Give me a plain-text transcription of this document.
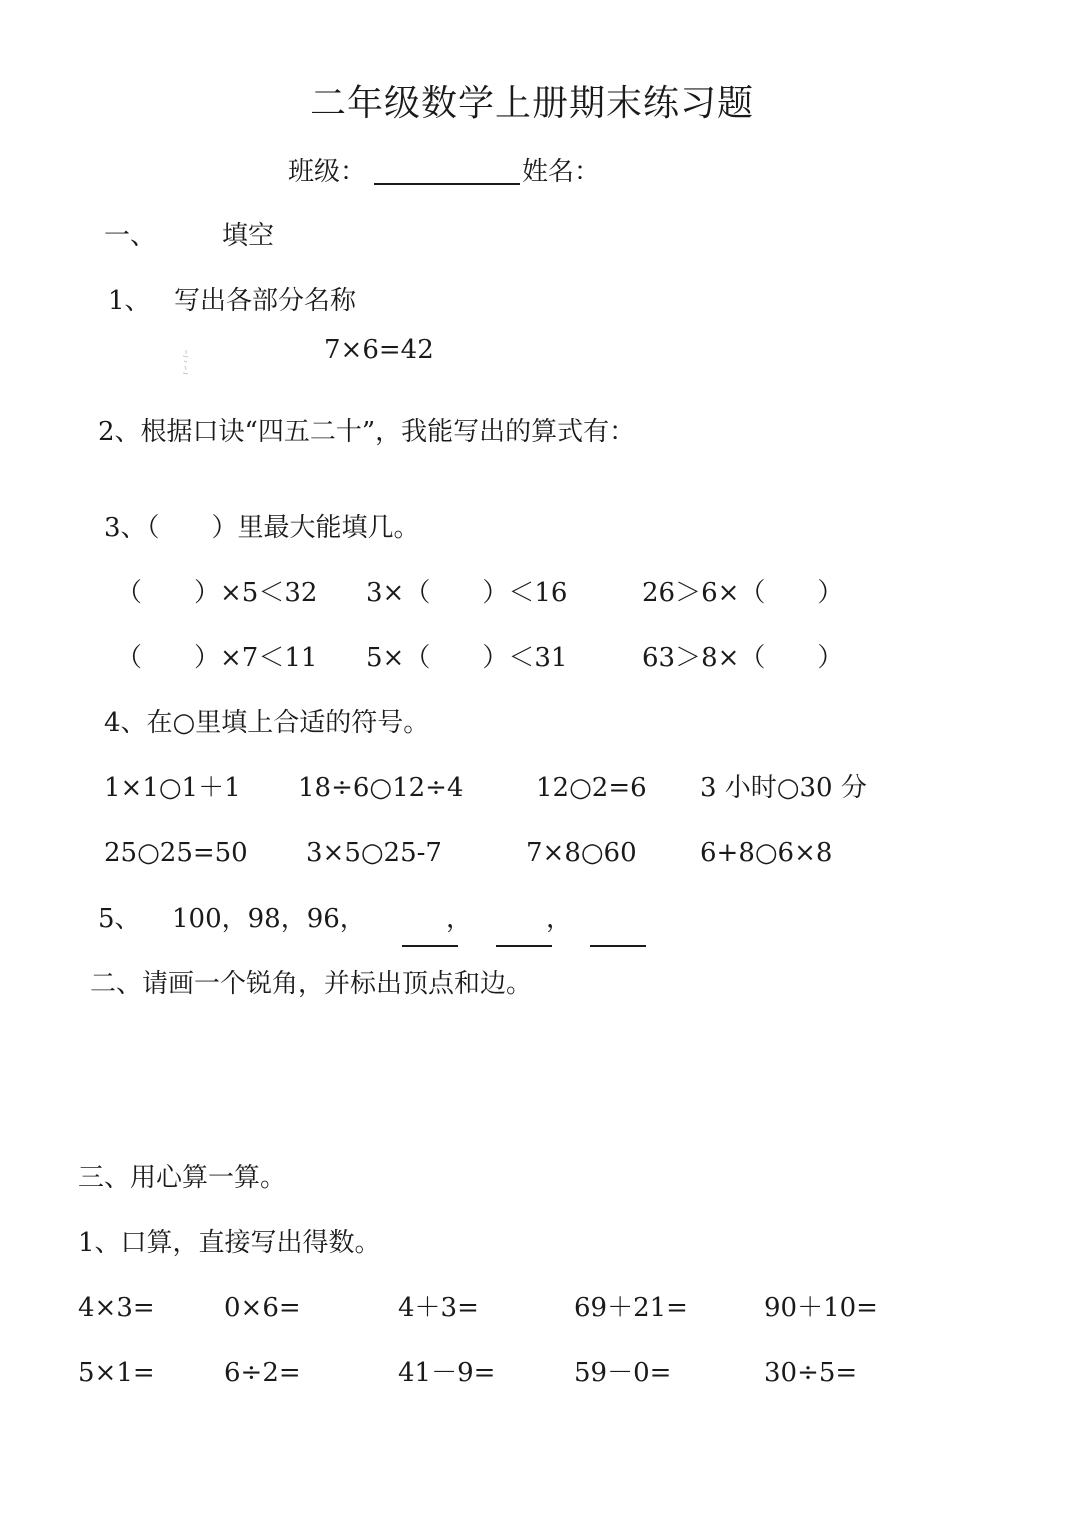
二年级数学上册期末练习题
班级：	姓名：
一、	填空
1、 写出各部分名称
7×6=42
2、根据口诀“四五二十”，我能写出的算式有：
3、（　　）里最大能填几。
（　　）×5＜32 3×（　　）＜16	26＞6×（　　）
（　　）×7＜11 5×（　　）＜31	63＞8×（　　）
4、在○里填上合适的符号。
1×1○1＋1 18÷6○12÷4	12○2=6 3 小时○30 分
25○25=50 3×5○25-7	7×8○60 6+8○6×8
5、 100，98，96，	，	，
二、请画一个锐角，并标出顶点和边。
三、用心算一算。
1、口算，直接写出得数。
4×3=	0×6=	4＋3=	69＋21=	90＋10=
5×1=	6÷2=	41－9=	59－0=	30÷5=
